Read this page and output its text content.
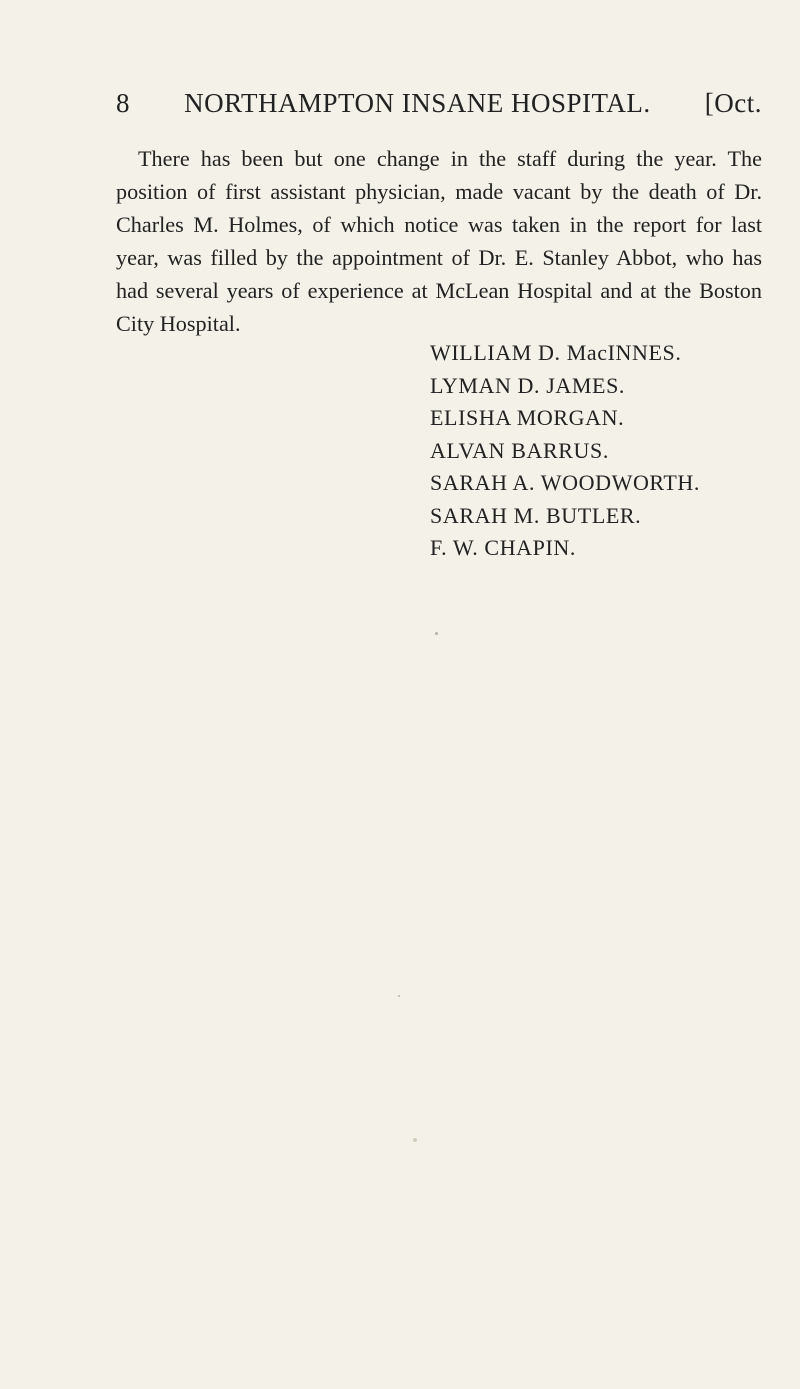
8 NORTHAMPTON INSANE HOSPITAL. [Oct.

There has been but one change in the staff during the year. The position of first assistant physician, made vacant by the death of Dr. Charles M. Holmes, of which notice was taken in the report for last year, was filled by the appointment of Dr. E. Stanley Abbot, who has had several years of experience at McLean Hospital and at the Boston City Hospital.

WILLIAM D. MacINNES.
LYMAN D. JAMES.
ELISHA MORGAN.
ALVAN BARRUS.
SARAH A. WOODWORTH.
SARAH M. BUTLER.
F. W. CHAPIN.
